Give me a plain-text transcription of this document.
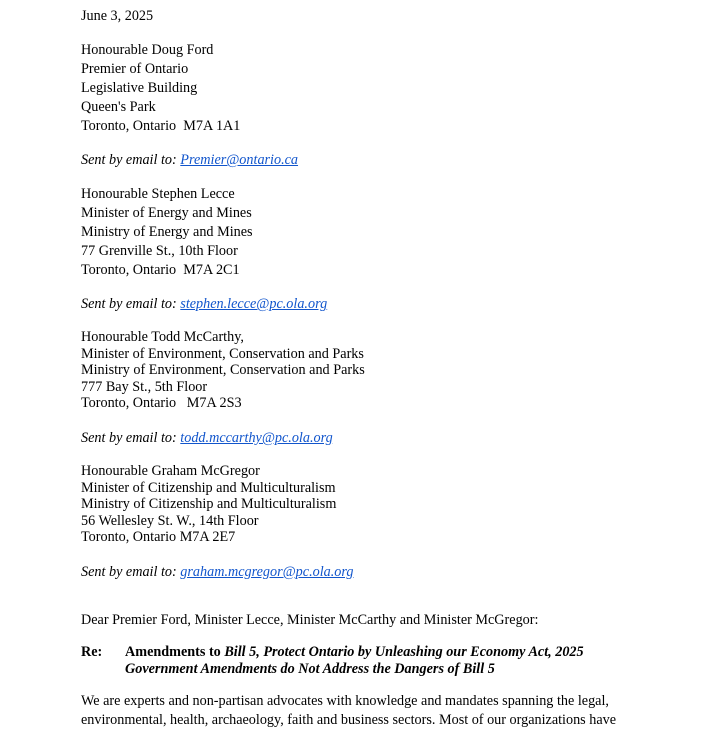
June 3, 2025
Honourable Doug Ford
Premier of Ontario
Legislative Building
Queen's Park
Toronto, Ontario  M7A 1A1
Sent by email to: Premier@ontario.ca
Honourable Stephen Lecce
Minister of Energy and Mines
Ministry of Energy and Mines
77 Grenville St., 10th Floor
Toronto, Ontario  M7A 2C1
Sent by email to: stephen.lecce@pc.ola.org
Honourable Todd McCarthy,
Minister of Environment, Conservation and Parks
Ministry of Environment, Conservation and Parks
777 Bay St., 5th Floor
Toronto, Ontario   M7A 2S3
Sent by email to: todd.mccarthy@pc.ola.org
Honourable Graham McGregor
Minister of Citizenship and Multiculturalism
Ministry of Citizenship and Multiculturalism
56 Wellesley St. W., 14th Floor
Toronto, Ontario M7A 2E7
Sent by email to: graham.mcgregor@pc.ola.org
Dear Premier Ford, Minister Lecce, Minister McCarthy and Minister McGregor:
Re: Amendments to Bill 5, Protect Ontario by Unleashing our Economy Act, 2025
Government Amendments do Not Address the Dangers of Bill 5
We are experts and non-partisan advocates with knowledge and mandates spanning the legal,
environmental, health, archaeology, faith and business sectors. Most of our organizations have
